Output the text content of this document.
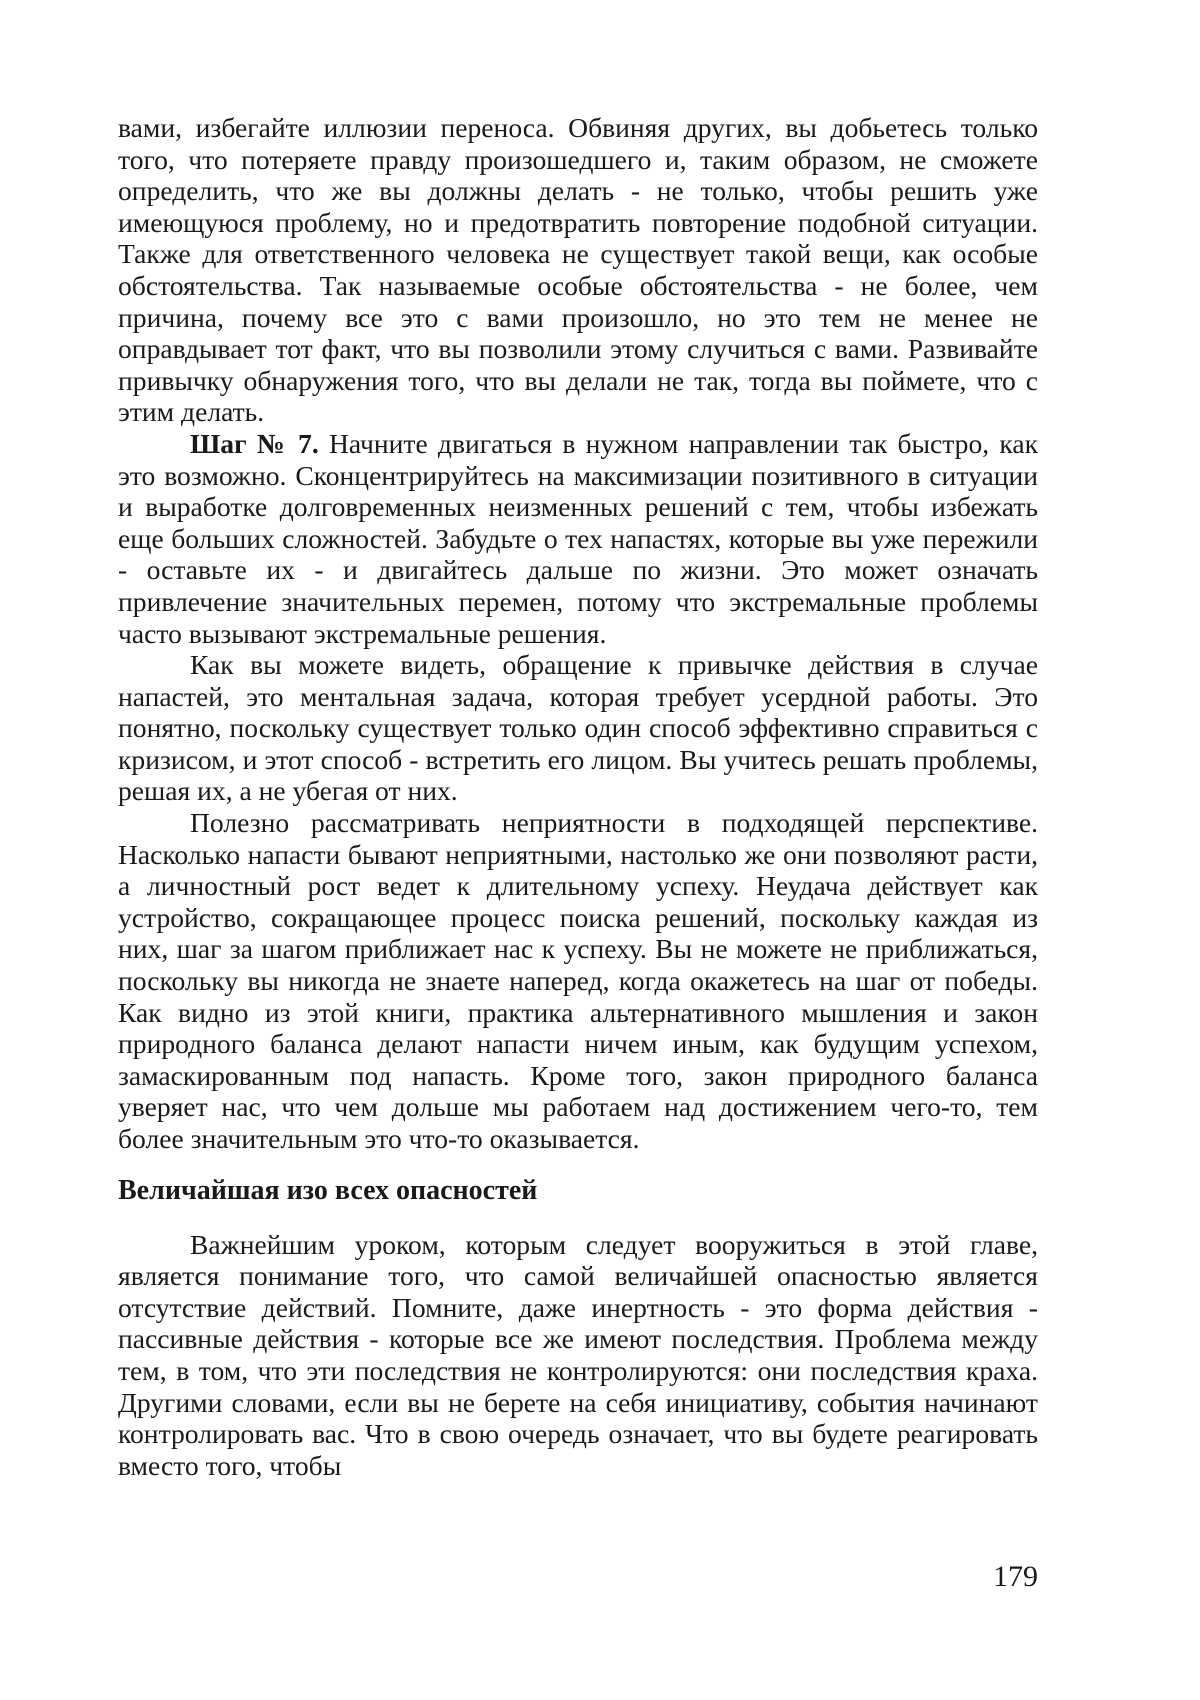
вами, избегайте иллюзии переноса. Обвиняя других, вы добьетесь только того, что потеряете правду произошедшего и, таким образом, не сможете определить, что же вы должны делать - не только, чтобы решить уже имеющуюся проблему, но и предотвратить повторение подобной ситуации. Также для ответственного человека не существует такой вещи, как особые обстоятельства. Так называемые особые обстоятельства - не более, чем причина, почему все это с вами произошло, но это тем не менее не оправдывает тот факт, что вы позволили этому случиться с вами. Развивайте привычку обнаружения того, что вы делали не так, тогда вы поймете, что с этим делать.

Шаг № 7. Начните двигаться в нужном направлении так быстро, как это возможно. Сконцентрируйтесь на максимизации позитивного в ситуации и выработке долговременных неизменных решений с тем, чтобы избежать еще больших сложностей. Забудьте о тех напастях, которые вы уже пережили - оставьте их - и двигайтесь дальше по жизни. Это может означать привлечение значительных перемен, потому что экстремальные проблемы часто вызывают экстремальные решения.

Как вы можете видеть, обращение к привычке действия в случае напастей, это ментальная задача, которая требует усердной работы. Это понятно, поскольку существует только один способ эффективно справиться с кризисом, и этот способ - встретить его лицом. Вы учитесь решать проблемы, решая их, а не убегая от них.

Полезно рассматривать неприятности в подходящей перспективе. Насколько напасти бывают неприятными, настолько же они позволяют расти, а личностный рост ведет к длительному успеху. Неудача действует как устройство, сокращающее процесс поиска решений, поскольку каждая из них, шаг за шагом приближает нас к успеху. Вы не можете не приближаться, поскольку вы никогда не знаете наперед, когда окажетесь на шаг от победы. Как видно из этой книги, практика альтернативного мышления и закон природного баланса делают напасти ничем иным, как будущим успехом, замаскированным под напасть. Кроме того, закон природного баланса уверяет нас, что чем дольше мы работаем над достижением чего-то, тем более значительным это что-то оказывается.

Величайшая изо всех опасностей

Важнейшим уроком, которым следует вооружиться в этой главе, является понимание того, что самой величайшей опасностью является отсутствие действий. Помните, даже инертность - это форма действия - пассивные действия - которые все же имеют последствия. Проблема между тем, в том, что эти последствия не контролируются: они последствия краха. Другими словами, если вы не берете на себя инициативу, события начинают контролировать вас. Что в свою очередь означает, что вы будете реагировать вместо того, чтобы

179
